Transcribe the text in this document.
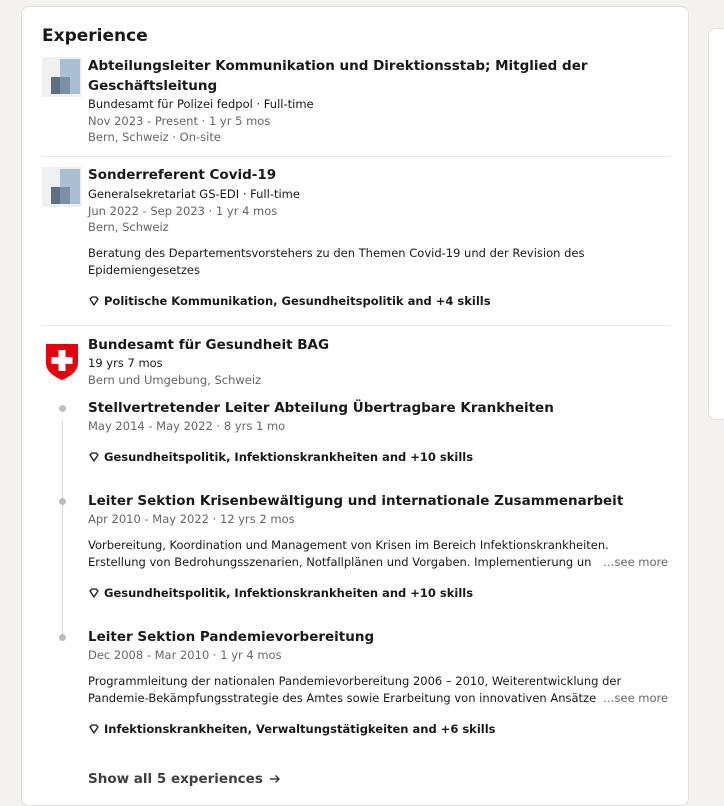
Experience
Abteilungsleiter Kommunikation und Direktionsstab; Mitglied der
Geschäftsleitung
Bundesamt für Polizei fedpol · Full-time
Nov 2023 - Present · 1 yr 5 mos
Bern, Schweiz · On-site
Sonderreferent Covid-19
Generalsekretariat GS-EDI · Full-time
Jun 2022 - Sep 2023 · 1 yr 4 mos
Bern, Schweiz
Beratung des Departementsvorstehers zu den Themen Covid-19 und der Revision des
Epidemiengesetzes
Politische Kommunikation, Gesundheitspolitik and +4 skills
Bundesamt für Gesundheit BAG
19 yrs 7 mos
Bern und Umgebung, Schweiz
Stellvertretender Leiter Abteilung Übertragbare Krankheiten
May 2014 - May 2022 · 8 yrs 1 mo
Gesundheitspolitik, Infektionskrankheiten and +10 skills
Leiter Sektion Krisenbewältigung und internationale Zusammenarbeit
Apr 2010 - May 2022 · 12 yrs 2 mos
Vorbereitung, Koordination und Management von Krisen im Bereich Infektionskrankheiten.
Erstellung von Bedrohungsszenarien, Notfallplänen und Vorgaben. Implementierung un	…see more
Gesundheitspolitik, Infektionskrankheiten and +10 skills
Leiter Sektion Pandemievorbereitung
Dec 2008 - Mar 2010 · 1 yr 4 mos
Programmleitung der nationalen Pandemievorbereitung 2006 – 2010, Weiterentwicklung der
Pandemie-Bekämpfungsstrategie des Amtes sowie Erarbeitung von innovativen Ansätze …see more
Infektionskrankheiten, Verwaltungstätigkeiten and +6 skills
Show all 5 experiences
